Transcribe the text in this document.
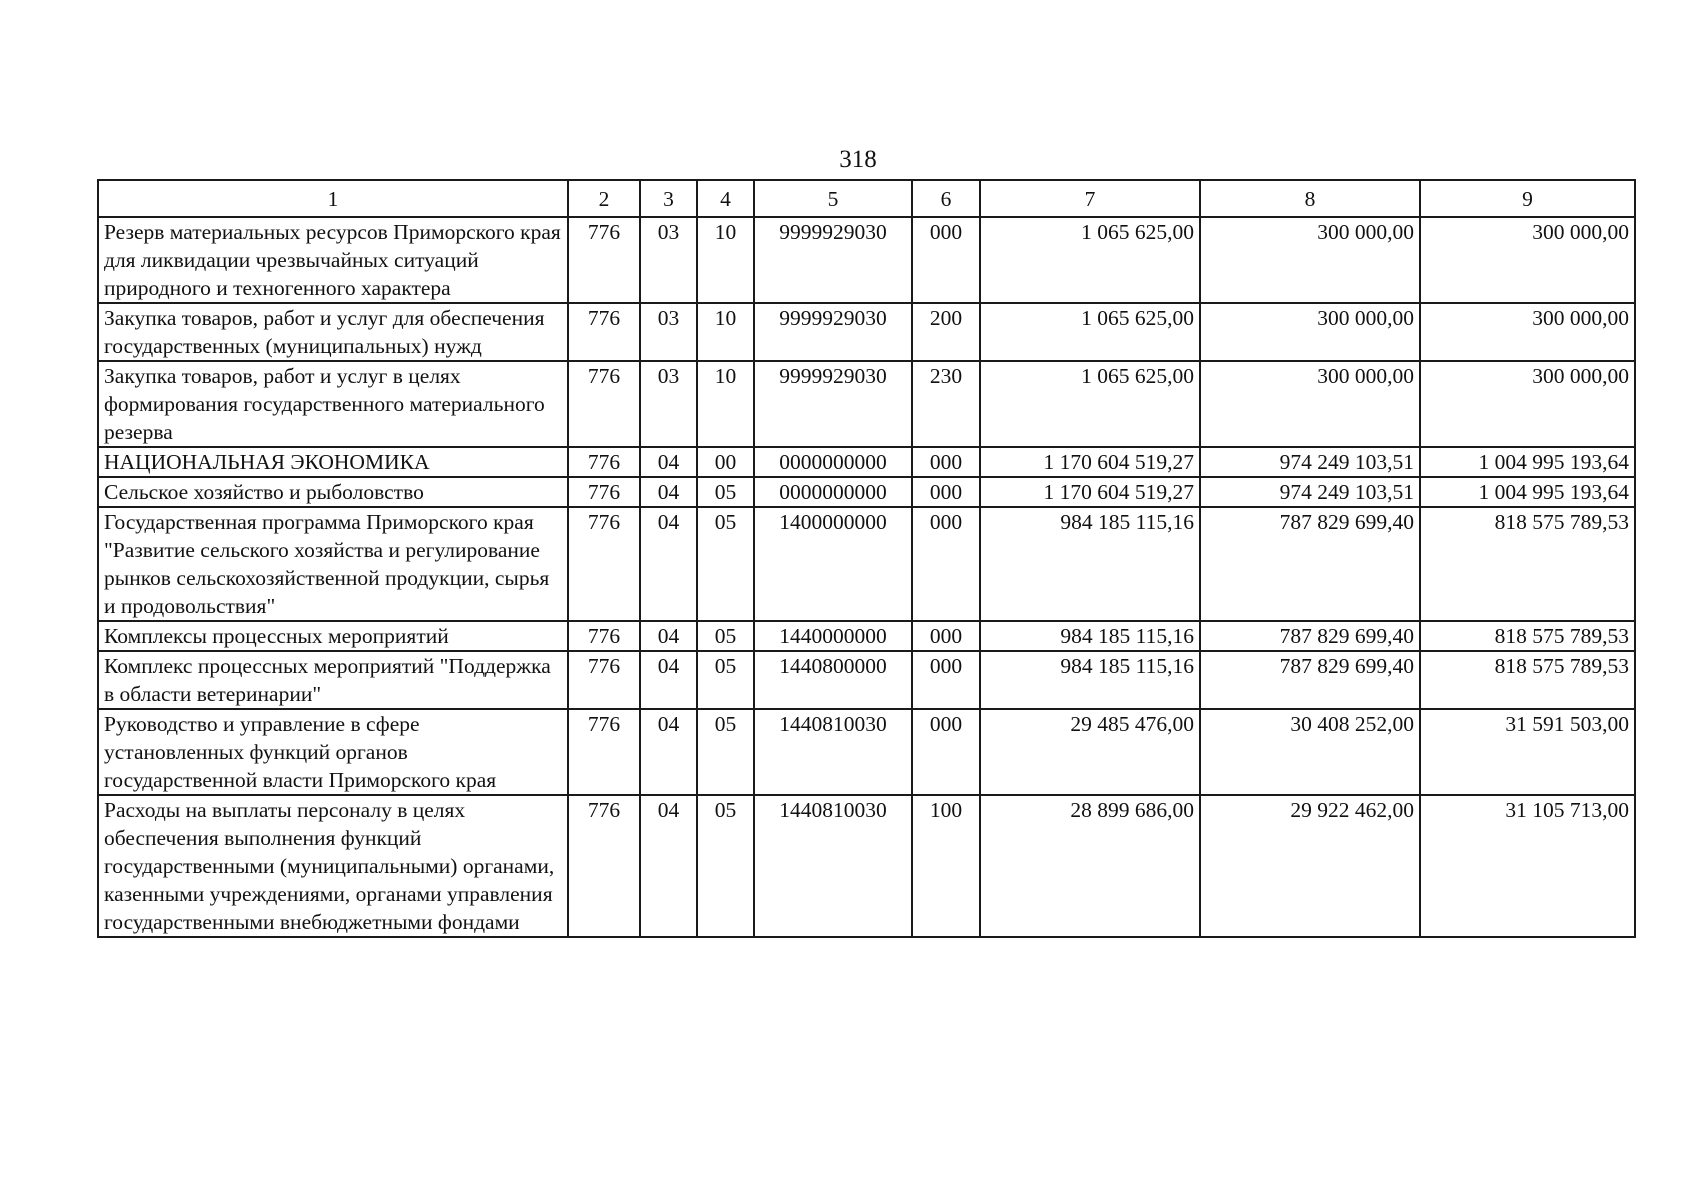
318
1	2	3	4	5	6	7	8	9
Резерв материальных ресурсов Приморского края для ликвидации чрезвычайных ситуаций природного и техногенного характера	776	03	10	9999929030	000	1 065 625,00	300 000,00	300 000,00
Закупка товаров, работ и услуг для обеспечения государственных (муниципальных) нужд	776	03	10	9999929030	200	1 065 625,00	300 000,00	300 000,00
Закупка товаров, работ и услуг в целях формирования государственного материального резерва	776	03	10	9999929030	230	1 065 625,00	300 000,00	300 000,00
НАЦИОНАЛЬНАЯ ЭКОНОМИКА	776	04	00	0000000000	000	1 170 604 519,27	974 249 103,51	1 004 995 193,64
Сельское хозяйство и рыболовство	776	04	05	0000000000	000	1 170 604 519,27	974 249 103,51	1 004 995 193,64
Государственная программа Приморского края "Развитие сельского хозяйства и регулирование рынков сельскохозяйственной продукции, сырья и продовольствия"	776	04	05	1400000000	000	984 185 115,16	787 829 699,40	818 575 789,53
Комплексы процессных мероприятий	776	04	05	1440000000	000	984 185 115,16	787 829 699,40	818 575 789,53
Комплекс процессных мероприятий "Поддержка в области ветеринарии"	776	04	05	1440800000	000	984 185 115,16	787 829 699,40	818 575 789,53
Руководство и управление в сфере установленных функций органов государственной власти Приморского края	776	04	05	1440810030	000	29 485 476,00	30 408 252,00	31 591 503,00
Расходы на выплаты персоналу в целях обеспечения выполнения функций государственными (муниципальными) органами, казенными учреждениями, органами управления государственными внебюджетными фондами	776	04	05	1440810030	100	28 899 686,00	29 922 462,00	31 105 713,00
